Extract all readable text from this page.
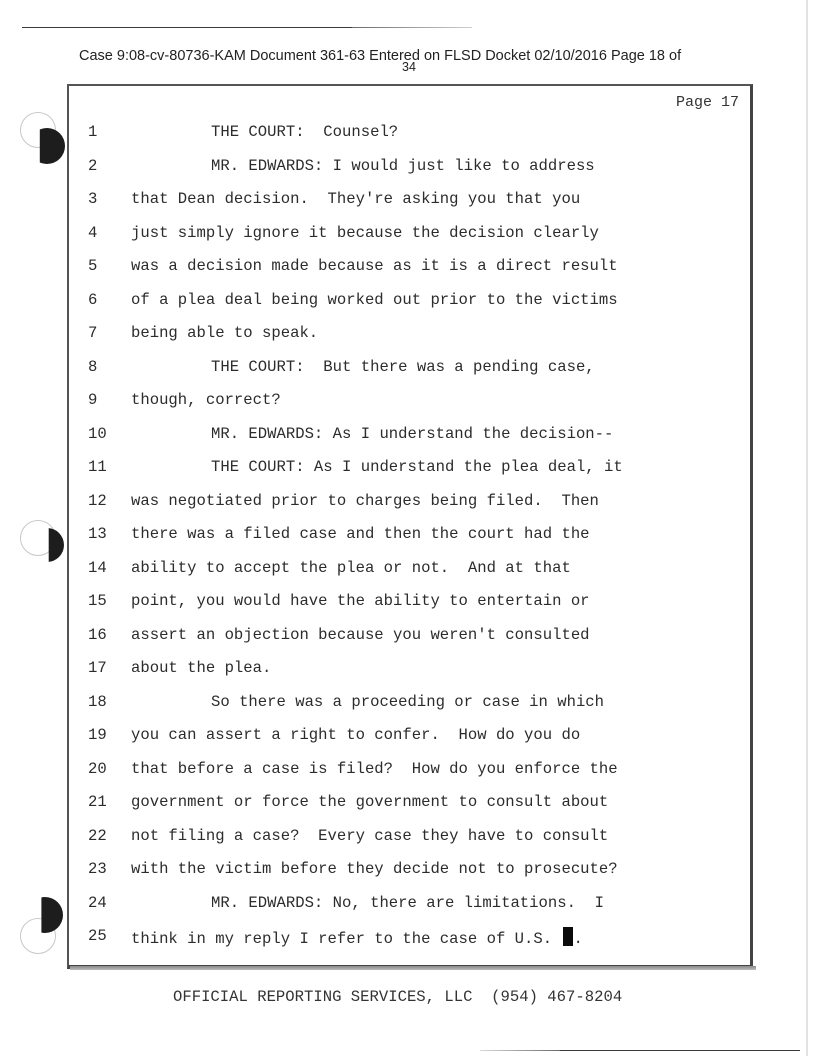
Case 9:08-cv-80736-KAM Document 361-63 Entered on FLSD Docket 02/10/2016 Page 18 of
34
Page 17
1	THE COURT:  Counsel?
2	MR. EDWARDS: I would just like to address
3	that Dean decision.  They're asking you that you
4	just simply ignore it because the decision clearly
5	was a decision made because as it is a direct result
6	of a plea deal being worked out prior to the victims
7	being able to speak.
8	THE COURT:  But there was a pending case,
9	though, correct?
10	MR. EDWARDS: As I understand the decision--
11	THE COURT: As I understand the plea deal, it
12 was negotiated prior to charges being filed.  Then
13 there was a filed case and then the court had the
14 ability to accept the plea or not.  And at that
15 point, you would have the ability to entertain or
16 assert an objection because you weren't consulted
17 about the plea.
18	So there was a proceeding or case in which
19 you can assert a right to confer.  How do you do
20 that before a case is filed?  How do you enforce the
21 government or force the government to consult about
22 not filing a case?  Every case they have to consult
23 with the victim before they decide not to prosecute?
24	MR. EDWARDS: No, there are limitations.  I
25 think in my reply I refer to the case of U.S. .
OFFICIAL REPORTING SERVICES, LLC  (954) 467-8204
